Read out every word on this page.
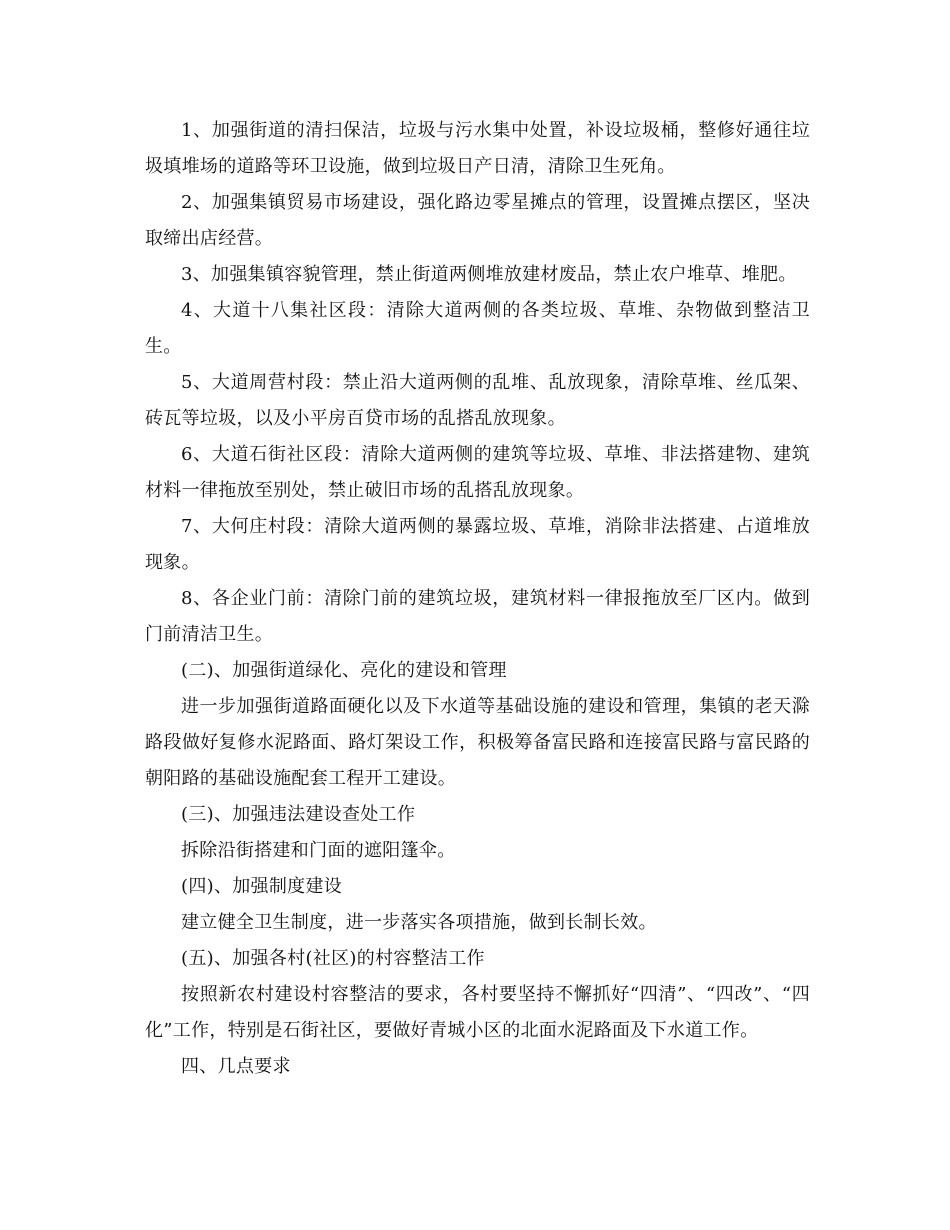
1、加强街道的清扫保洁，垃圾与污水集中处置，补设垃圾桶，整修好通往垃圾填堆场的道路等环卫设施，做到垃圾日产日清，清除卫生死角。

2、加强集镇贸易市场建设，强化路边零星摊点的管理，设置摊点摆区，坚决取缔出店经营。

3、加强集镇容貌管理，禁止街道两侧堆放建材废品，禁止农户堆草、堆肥。

4、大道十八集社区段：清除大道两侧的各类垃圾、草堆、杂物做到整洁卫生。

5、大道周营村段：禁止沿大道两侧的乱堆、乱放现象，清除草堆、丝瓜架、砖瓦等垃圾，以及小平房百贷市场的乱搭乱放现象。

6、大道石街社区段：清除大道两侧的建筑等垃圾、草堆、非法搭建物、建筑材料一律拖放至别处，禁止破旧市场的乱搭乱放现象。

7、大何庄村段：清除大道两侧的暴露垃圾、草堆，消除非法搭建、占道堆放现象。

8、各企业门前：清除门前的建筑垃圾，建筑材料一律报拖放至厂区内。做到门前清洁卫生。

(二)、加强街道绿化、亮化的建设和管理

进一步加强街道路面硬化以及下水道等基础设施的建设和管理，集镇的老天滁路段做好复修水泥路面、路灯架设工作，积极筹备富民路和连接富民路与富民路的朝阳路的基础设施配套工程开工建设。

(三)、加强违法建设查处工作

拆除沿街搭建和门面的遮阳篷伞。

(四)、加强制度建设

建立健全卫生制度，进一步落实各项措施，做到长制长效。

(五)、加强各村(社区)的村容整洁工作

按照新农村建设村容整洁的要求，各村要坚持不懈抓好“四清”、“四改”、“四化”工作，特别是石街社区，要做好青城小区的北面水泥路面及下水道工作。

四、几点要求
